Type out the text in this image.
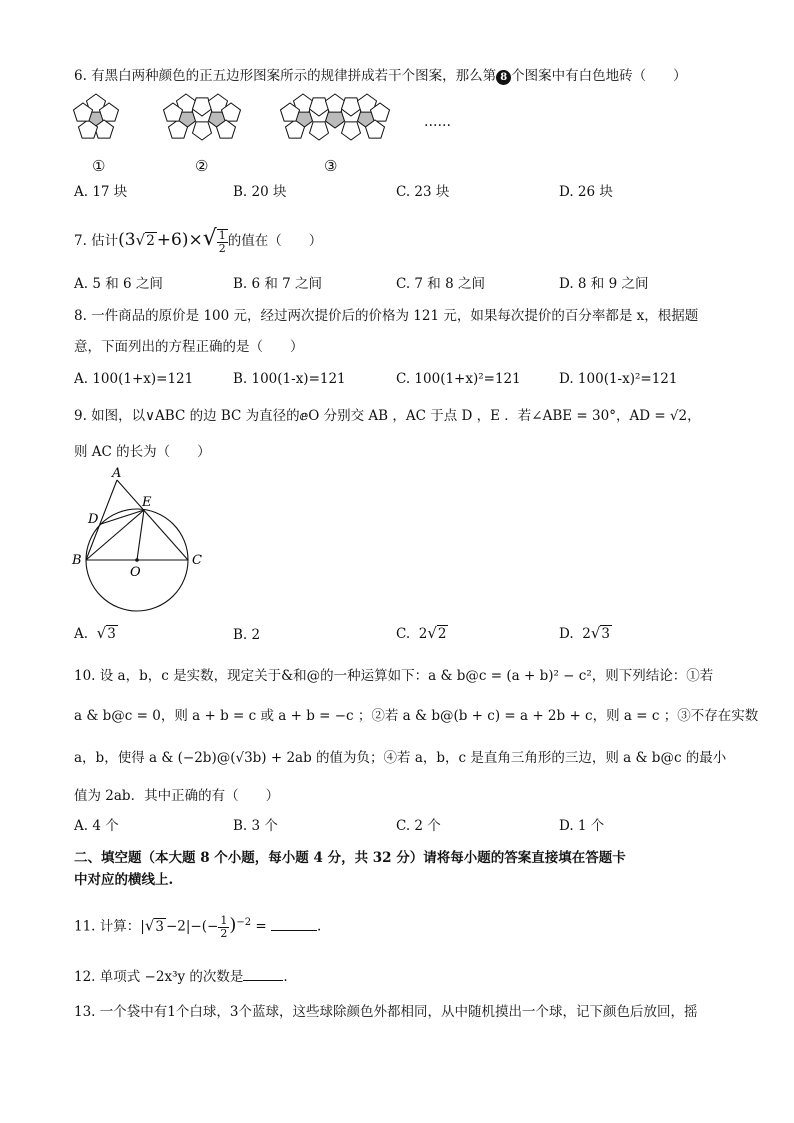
6. 有黑白两种颜色的正五边形图案所示的规律拼成若干个图案，那么第 8 个图案中有白色地砖（　　）
……
①	②	③
A. 17 块	B. 20 块	C. 23 块	D. 26 块
7. 估计$(3√2 +6)\times√ \frac{1}{2}$ 的值在（　　）
A. 5 和 6 之间	B. 6 和 7 之间	C. 7 和 8 之间	D. 8 和 9 之间
8. 一件商品的原价是 100 元，经过两次提价后的价格为 121 元，如果每次提价的百分率都是 x，根据题
意，下面列出的方程正确的是（　　）
A. 100(1+x)=121	B. 100(1-x)=121	C. 100(1+x)²=121	D. 100(1-x)²=121
9. 如图，以∨ABC 的边 BC 为直径的ⅇO 分别交 AB ，AC 于点 D ，E ．若∠ABE = 30°，AD = √2，
则 AC 的长为（　　）
A
B	C
D
E
O
A. √3	B. 2	C. 2√2	D. 2√3
10. 设 a，b，c 是实数，现定关于&和@的一种运算如下：a & b@c = (a + b)² − c²，则下列结论：①若
a & b@c = 0，则 a + b = c 或 a + b = −c ；②若 a & b@(b + c) = a + 2b + c，则 a = c ；③不存在实数
a，b，使得 a & (−2b)@(√3b) + 2ab 的值为负；④若 a，b，c 是直角三角形的三边，则 a & b@c 的最小
值为 2ab．其中正确的有（　　）
A. 4 个	B. 3 个	C. 2 个	D. 1 个
二、填空题（本大题 8 个小题，每小题 4 分，共 32 分）请将每小题的答案直接填在答题卡
中对应的横线上.
11. 计算：$|√3 -2|-(- \frac{1}{2} )^{-2}$ =	.
12. 单项式 −2x³y 的次数是	.
13. 一个袋中有1个白球，3个蓝球，这些球除颜色外都相同，从中随机摸出一个球，记下颜色后放回，摇
